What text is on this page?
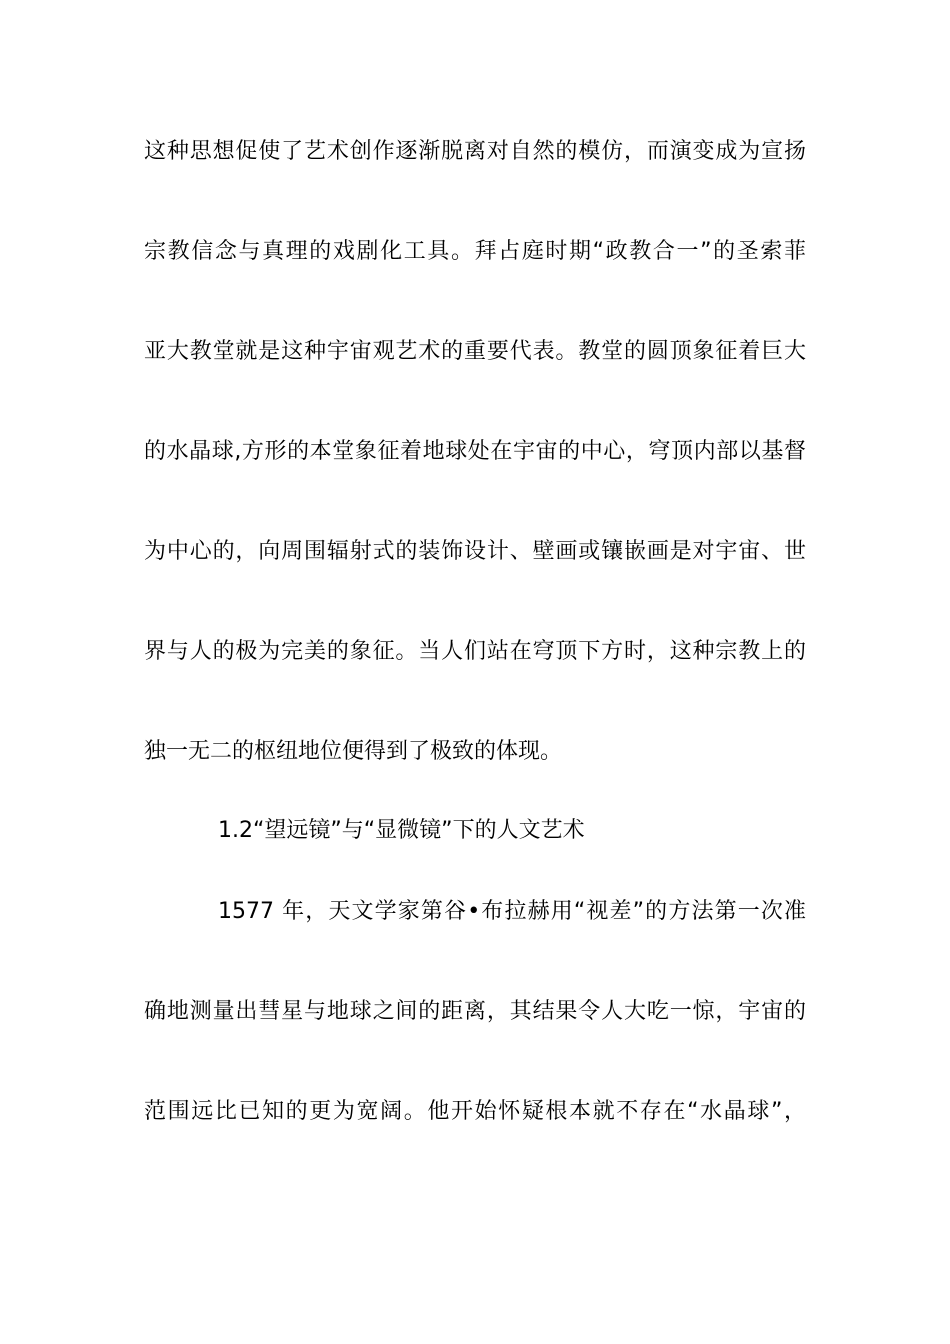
这种思想促使了艺术创作逐渐脱离对自然的模仿，而演变成为宣扬
宗教信念与真理的戏剧化工具。拜占庭时期“政教合一”的圣索菲
亚大教堂就是这种宇宙观艺术的重要代表。教堂的圆顶象征着巨大
的水晶球,方形的本堂象征着地球处在宇宙的中心，穹顶内部以基督
为中心的，向周围辐射式的装饰设计、壁画或镶嵌画是对宇宙、世
界与人的极为完美的象征。当人们站在穹顶下方时，这种宗教上的
独一无二的枢纽地位便得到了极致的体现。
1.2“望远镜”与“显微镜”下的人文艺术
1577 年，天文学家第谷•布拉赫用“视差”的方法第一次准
确地测量出彗星与地球之间的距离，其结果令人大吃一惊，宇宙的
范围远比已知的更为宽阔。他开始怀疑根本就不存在“水晶球”，
